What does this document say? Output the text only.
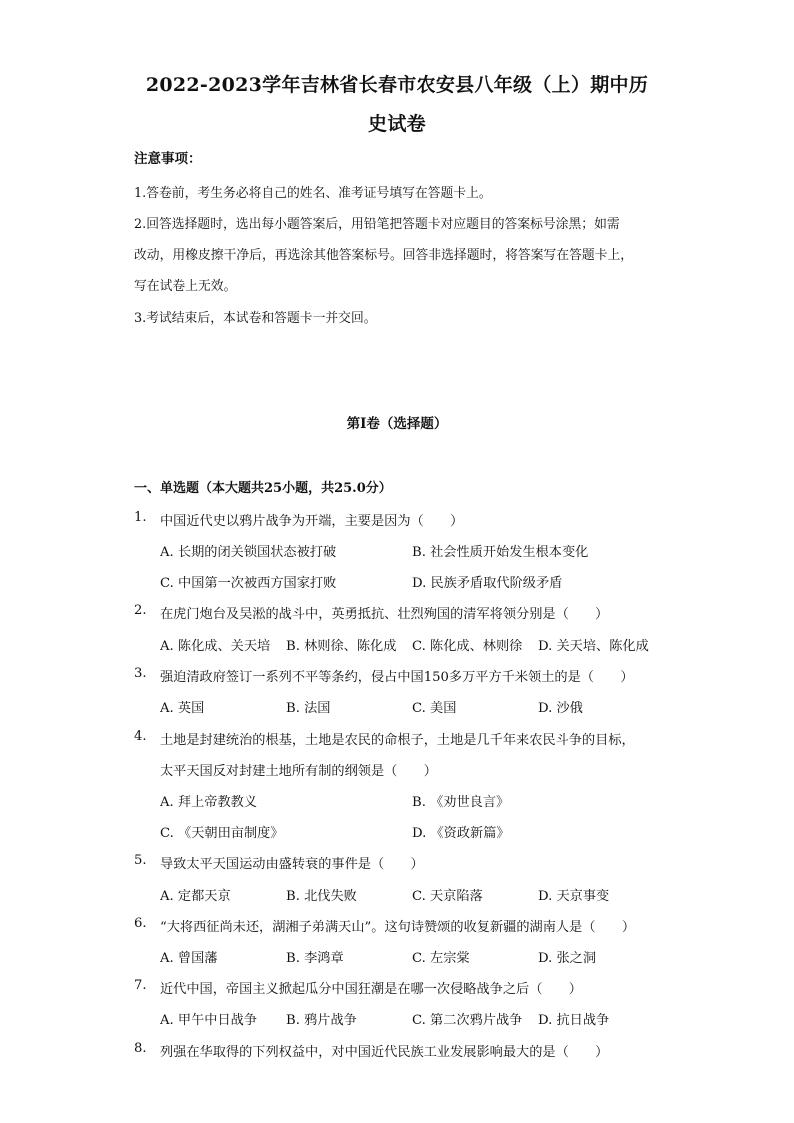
2022-2023学年吉林省长春市农安县八年级（上）期中历
史试卷
注意事项：
1.答卷前，考生务必将自己的姓名、准考证号填写在答题卡上。
2.回答选择题时，选出每小题答案后，用铅笔把答题卡对应题目的答案标号涂黑；如需
改动，用橡皮擦干净后，再选涂其他答案标号。回答非选择题时，将答案写在答题卡上，
写在试卷上无效。
3.考试结束后，本试卷和答题卡一并交回。
第I卷（选择题）
一、单选题（本大题共25小题，共25.0分）
1. 中国近代史以鸦片战争为开端，主要是因为（　　）
A. 长期的闭关锁国状态被打破	B. 社会性质开始发生根本变化
C. 中国第一次被西方国家打败	D. 民族矛盾取代阶级矛盾
2. 在虎门炮台及吴淞的战斗中，英勇抵抗、壮烈殉国的清军将领分别是（　　）
A. 陈化成、关天培 B. 林则徐、陈化成 C. 陈化成、林则徐 D. 关天培、陈化成
3. 强迫清政府签订一系列不平等条约，侵占中国150多万平方千米领土的是（　　）
A. 英国	B. 法国	C. 美国	D. 沙俄
4. 土地是封建统治的根基，土地是农民的命根子，土地是几千年来农民斗争的目标，
太平天国反对封建土地所有制的纲领是（　　）
A. 拜上帝教教义	B. 《劝世良言》
C. 《天朝田亩制度》	D. 《资政新篇》
5. 导致太平天国运动由盛转衰的事件是（　　）
A. 定都天京	B. 北伐失败	C. 天京陷落	D. 天京事变
6. “大将西征尚未还，湖湘子弟满天山”。这句诗赞颂的收复新疆的湖南人是（　　）
A. 曾国藩	B. 李鸿章	C. 左宗棠	D. 张之洞
7. 近代中国，帝国主义掀起瓜分中国狂潮是在哪一次侵略战争之后（　　）
A. 甲午中日战争 B. 鸦片战争	C. 第二次鸦片战争 D. 抗日战争
8. 列强在华取得的下列权益中，对中国近代民族工业发展影响最大的是（　　）
